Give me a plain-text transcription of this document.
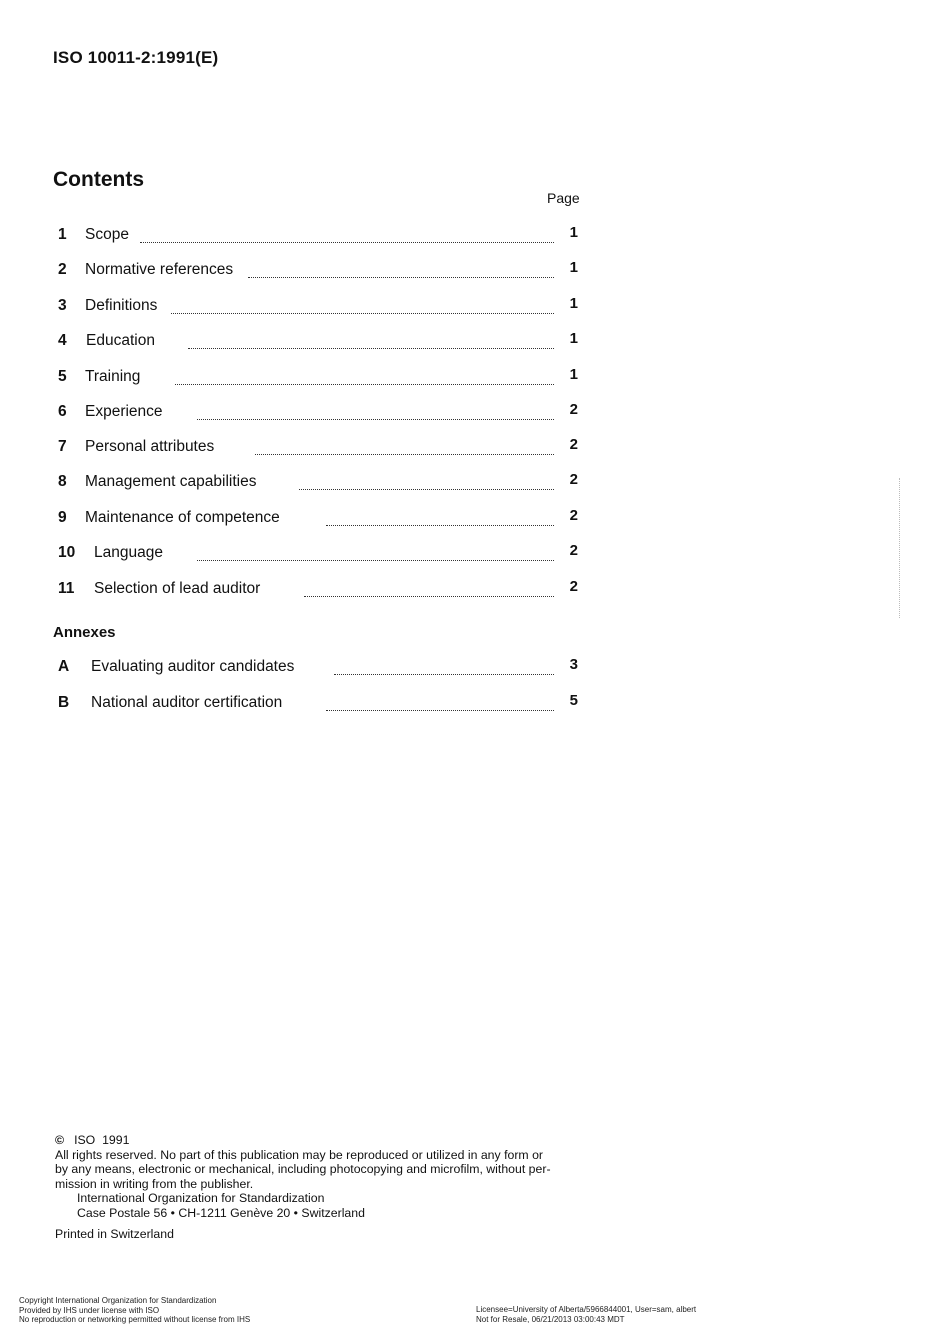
ISO 10011-2:1991(E)
Contents
Page
1 Scope	1
2 Normative references	1
3 Definitions	1
4 Education	1
5 Training	1
6 Experience	2
7 Personal attributes	2
8 Management capabilities	2
9 Maintenance of competence	2
10 Language	2
11 Selection of lead auditor	2
A Evaluating auditor candidates	3
B National auditor certification	5
Annexes
© ISO  1991
All rights reserved. No part of this publication may be reproduced or utilized in any form or
by any means, electronic or mechanical, including photocopying and microfilm, without per-
mission in writing from the publisher.
International Organization for Standardization
Case Postale 56 • CH-1211 Genève 20 • Switzerland
Printed in Switzerland
Copyright International Organization for Standardization
Provided by IHS under license with ISO
No reproduction or networking permitted without license from IHS
Licensee=University of Alberta/5966844001, User=sam, albert
Not for Resale, 06/21/2013 03:00:43 MDT
